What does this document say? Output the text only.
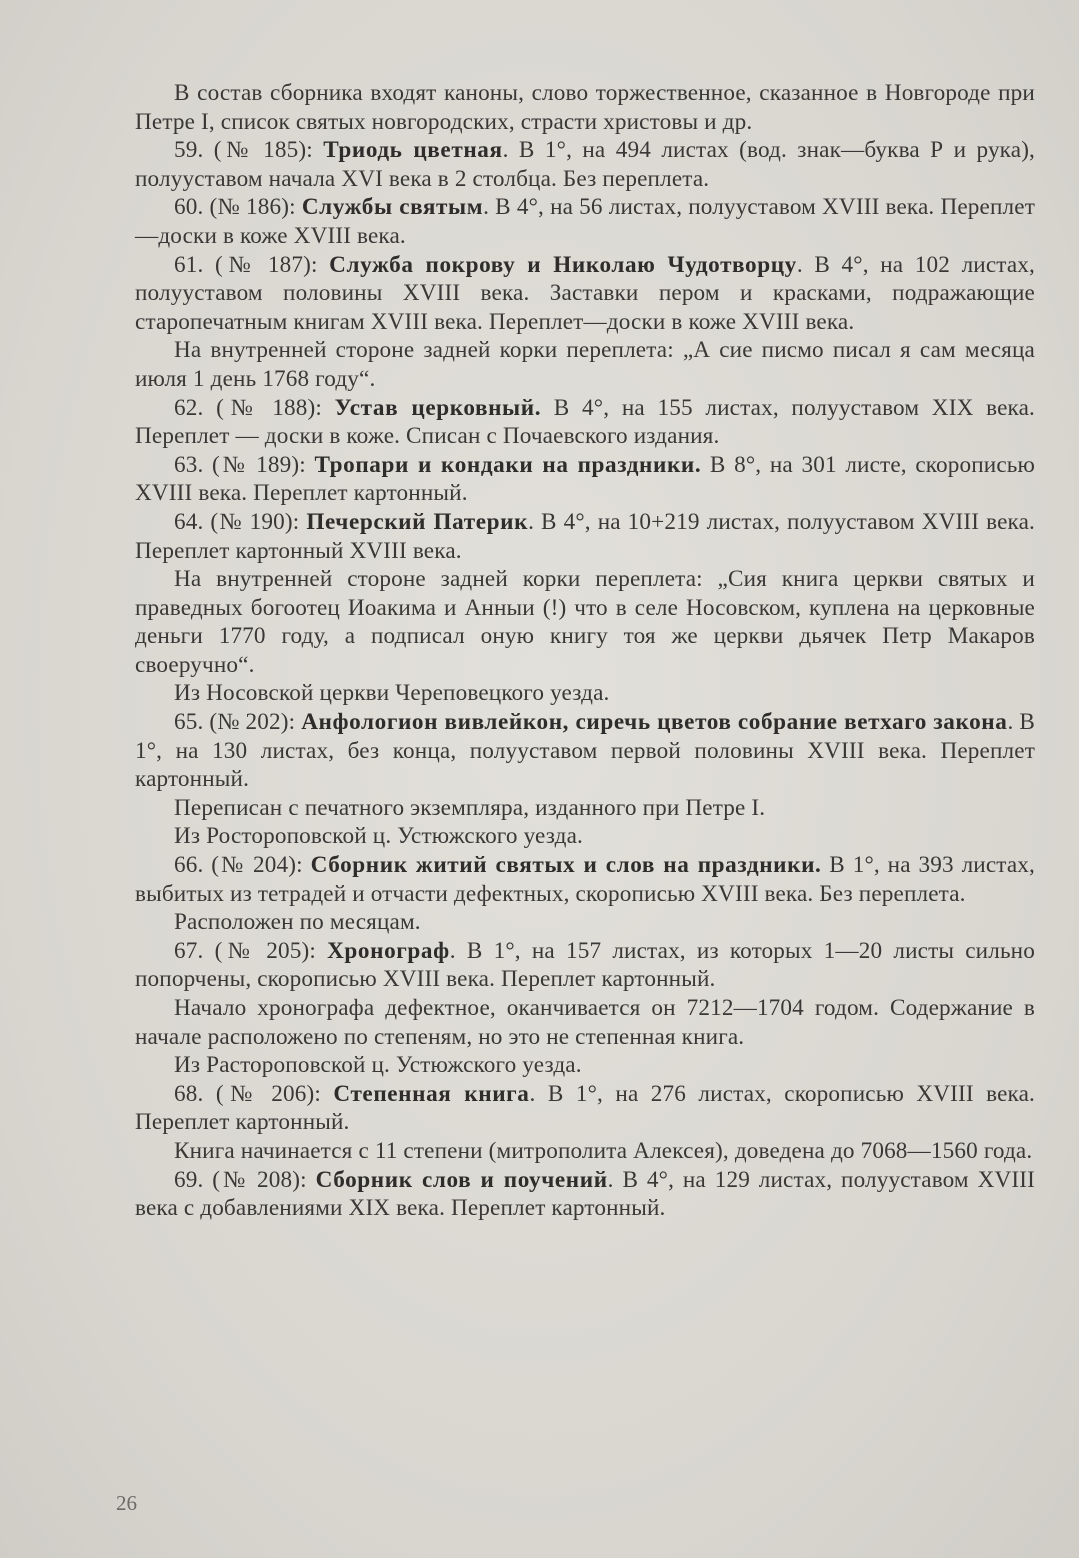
В состав сборника входят каноны, слово торжественное, сказанное в Новгороде при Петре I, список святых новгородских, страсти христовы и др.

59. (№ 185): Триодь цветная. В 1°, на 494 листах (вод. знак—буква Р и рука), полууставом начала XVI века в 2 столбца. Без переплета.

60. (№ 186): Службы святым. В 4°, на 56 листах, полууставом XVIII века. Переплет—доски в коже XVIII века.

61. (№ 187): Служба покрову и Николаю Чудотворцу. В 4°, на 102 листах, полууставом половины XVIII века. Заставки пером и красками, подражающие старопечатным книгам XVIII века. Переплет—доски в коже XVIII века.

На внутренней стороне задней корки переплета: „А сие писмо писал я сам месяца июля 1 день 1768 году“.

62. (№ 188): Устав церковный. В 4°, на 155 листах, полууставом XIX века. Переплет — доски в коже. Списан с Почаевского издания.

63. (№ 189): Тропари и кондаки на праздники. В 8°, на 301 листе, скорописью XVIII века. Переплет картонный.

64. (№ 190): Печерский Патерик. В 4°, на 10+219 листах, полууставом XVIII века. Переплет картонный XVIII века.

На внутренней стороне задней корки переплета: „Сия книга церкви святых и праведных богоотец Иоакима и Анныи (!) что в селе Носовском, куплена на церковные деньги 1770 году, а подписал оную книгу тоя же церкви дьячек Петр Макаров своеручно“.

Из Носовской церкви Череповецкого уезда.

65. (№ 202): Анфологион вивлейкон, сиречь цветов собрание ветхаго закона. В 1°, на 130 листах, без конца, полууставом первой половины XVIII века. Переплет картонный.

Переписан с печатного экземпляра, изданного при Петре I.

Из Ростороповской ц. Устюжского уезда.

66. (№ 204): Сборник житий святых и слов на праздники. В 1°, на 393 листах, выбитых из тетрадей и отчасти дефектных, скорописью XVIII века. Без переплета.

Расположен по месяцам.

67. (№ 205): Хронограф. В 1°, на 157 листах, из которых 1—20 листы сильно попорчены, скорописью XVIII века. Переплет картонный.

Начало хронографа дефектное, оканчивается он 7212—1704 годом. Содержание в начале расположено по степеням, но это не степенная книга.

Из Растороповской ц. Устюжского уезда.

68. (№ 206): Степенная книга. В 1°, на 276 листах, скорописью XVIII века. Переплет картонный.

Книга начинается с 11 степени (митрополита Алексея), доведена до 7068—1560 года.

69. (№ 208): Сборник слов и поучений. В 4°, на 129 листах, полууставом XVIII века с добавлениями XIX века. Переплет картонный.

26
